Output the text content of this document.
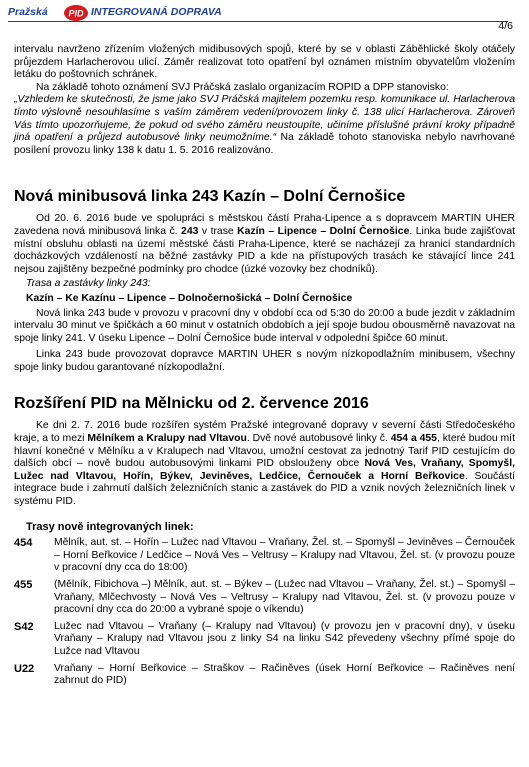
Pražská PID INTEGROVANÁ DOPRAVA
4/6

intervalu navrženo zřízením vložených midibusových spojů, které by se v oblasti Záběhlické školy otáčely průjezdem Harlacherovou ulicí. Záměr realizovat toto opatření byl oznámen místním obyvatelům vložením letáku do poštovních schránek.

Na základě tohoto oznámení SVJ Práčská zaslalo organizacím ROPID a DPP stanovisko:

„Vzhledem ke skutečnosti, že jsme jako SVJ Práčská majitelem pozemku resp. komunikace ul. Harlacherova tímto výslovně nesouhlasíme s vaším záměrem vedení/provozem linky č. 138 ulicí Harlacherova. Zároveň Vás tímto upozorňujeme, že pokud od svého záměru neustoupíte, učiníme příslušné právní kroky případně jiná opatření a průjezd autobusové linky neumožníme.“ Na základě tohoto stanoviska nebylo navrhované posílení provozu linky 138 k datu 1. 5. 2016 realizováno.

Nová minibusová linka 243 Kazín – Dolní Černošice

Od 20. 6. 2016 bude ve spolupráci s městskou částí Praha-Lipence a s dopravcem MARTIN UHER zavedena nová minibusová linka č. 243 v trase Kazín – Lipence – Dolní Černošice. Linka bude zajišťovat místní obsluhu oblasti na území městské části Praha-Lipence, které se nacházejí za hranicí standardních docházkových vzdáleností na běžné zastávky PID a kde na přístupových trasách ke stávající lince 241 nejsou zajištěny bezpečné podmínky pro chodce (úzké vozovky bez chodníků).

Trasa a zastávky linky 243:

Kazín – Ke Kazínu – Lipence – Dolnočernošická – Dolní Černošice

Nová linka 243 bude v provozu v pracovní dny v období cca od 5:30 do 20:00 a bude jezdit v základním intervalu 30 minut ve špičkách a 60 minut v ostatních obdobích a její spoje budou obousměrně navazovat na spoje linky 241. V úseku Lipence – Dolní Černošice bude interval v odpolední špičce 60 minut.

Linka 243 bude provozovat dopravce MARTIN UHER s novým nízkopodlažním minibusem, všechny spoje linky budou garantované nízkopodlažní.

Rozšíření PID na Mělnicku od 2. července 2016

Ke dni 2. 7. 2016 bude rozšířen systém Pražské integrované dopravy v severní části Středočeského kraje, a to mezi Mělníkem a Kralupy nad Vltavou. Dvě nové autobusové linky č. 454 a 455, které budou mít hlavní konečné v Mělníku a v Kralupech nad Vltavou, umožní cestovat za jednotný Tarif PID cestujícím do dalších obcí – nově budou autobusovými linkami PID obslouženy obce Nová Ves, Vraňany, Spomyšl, Lužec nad Vltavou, Hořín, Býkev, Jeviněves, Ledčice, Černouček a Horní Beřkovice. Součástí integrace bude i zahrnutí dalších železničních stanic a zastávek do PID a vznik nových železničních linek v systému PID.

Trasy nově integrovaných linek:
454	Mělník, aut. st. – Hořín – Lužec nad Vltavou – Vraňany, Žel. st. – Spomyšl – Jeviněves – Černouček – Horní Beřkovice / Ledčice – Nová Ves – Veltrusy – Kralupy nad Vltavou, Žel. st. (v provozu pouze v pracovní dny cca do 18:00)
455	(Mělník, Fibichova –) Mělník, aut. st. – Býkev – (Lužec nad Vltavou – Vraňany, Žel. st.) – Spomyšl – Vraňany, Mlčechvosty – Nová Ves – Veltrusy – Kralupy nad Vltavou, Žel. st. (v provozu pouze v pracovní dny cca do 20:00 a vybrané spoje o víkendu)
S42	Lužec nad Vltavou – Vraňany (– Kralupy nad Vltavou) (v provozu jen v pracovní dny), v úseku Vraňany – Kralupy nad Vltavou jsou z linky S4 na linku S42 převedeny všechny přímé spoje do Lužce nad Vltavou
U22	Vraňany – Horní Beřkovice – Straškov – Račiněves (úsek Horní Beřkovice – Račiněves není zahrnut do PID)
